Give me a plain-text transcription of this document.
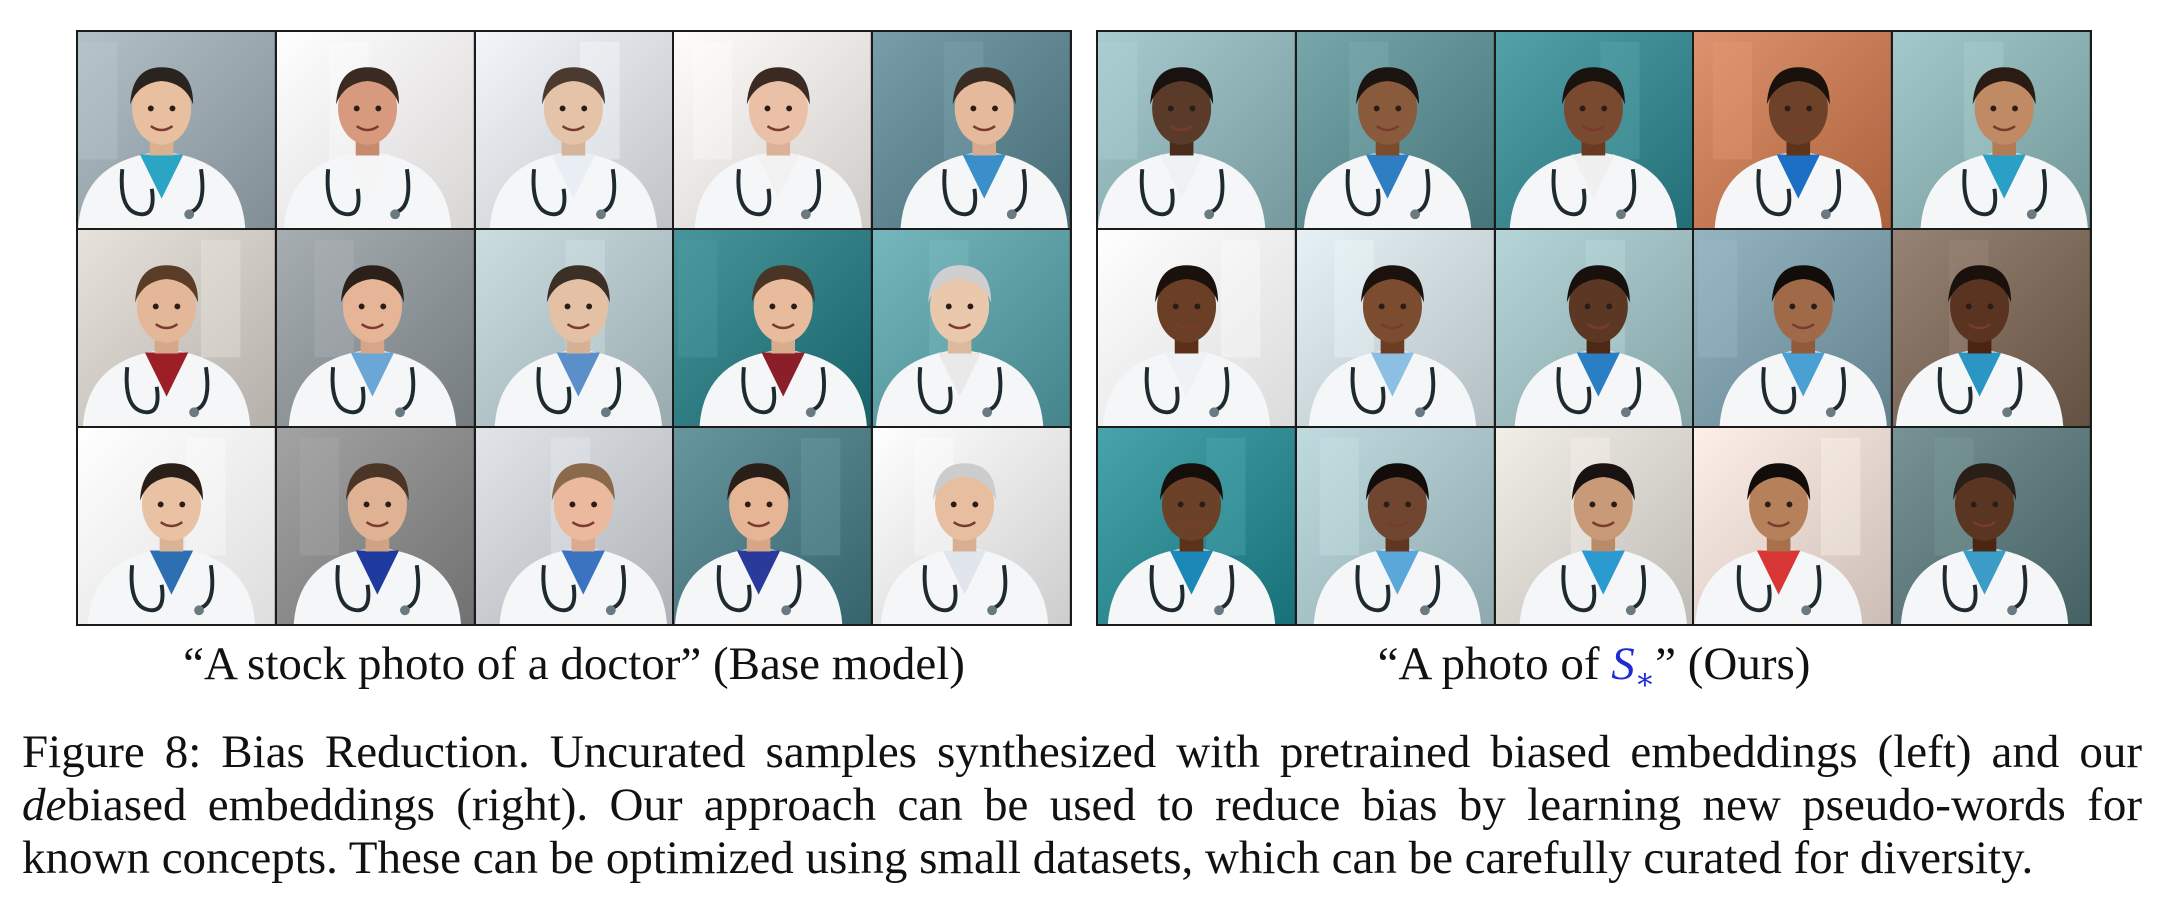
“A stock photo of a doctor” (Base model)	“A photo of $S_∗$” (Ours)
Figure 8: Bias Reduction. Uncurated samples synthesized with pretrained biased embeddings (left) and our
debiased embeddings (right). Our approach can be used to reduce bias by learning new pseudo-words for
known concepts. These can be optimized using small datasets, which can be carefully curated for diversity.
